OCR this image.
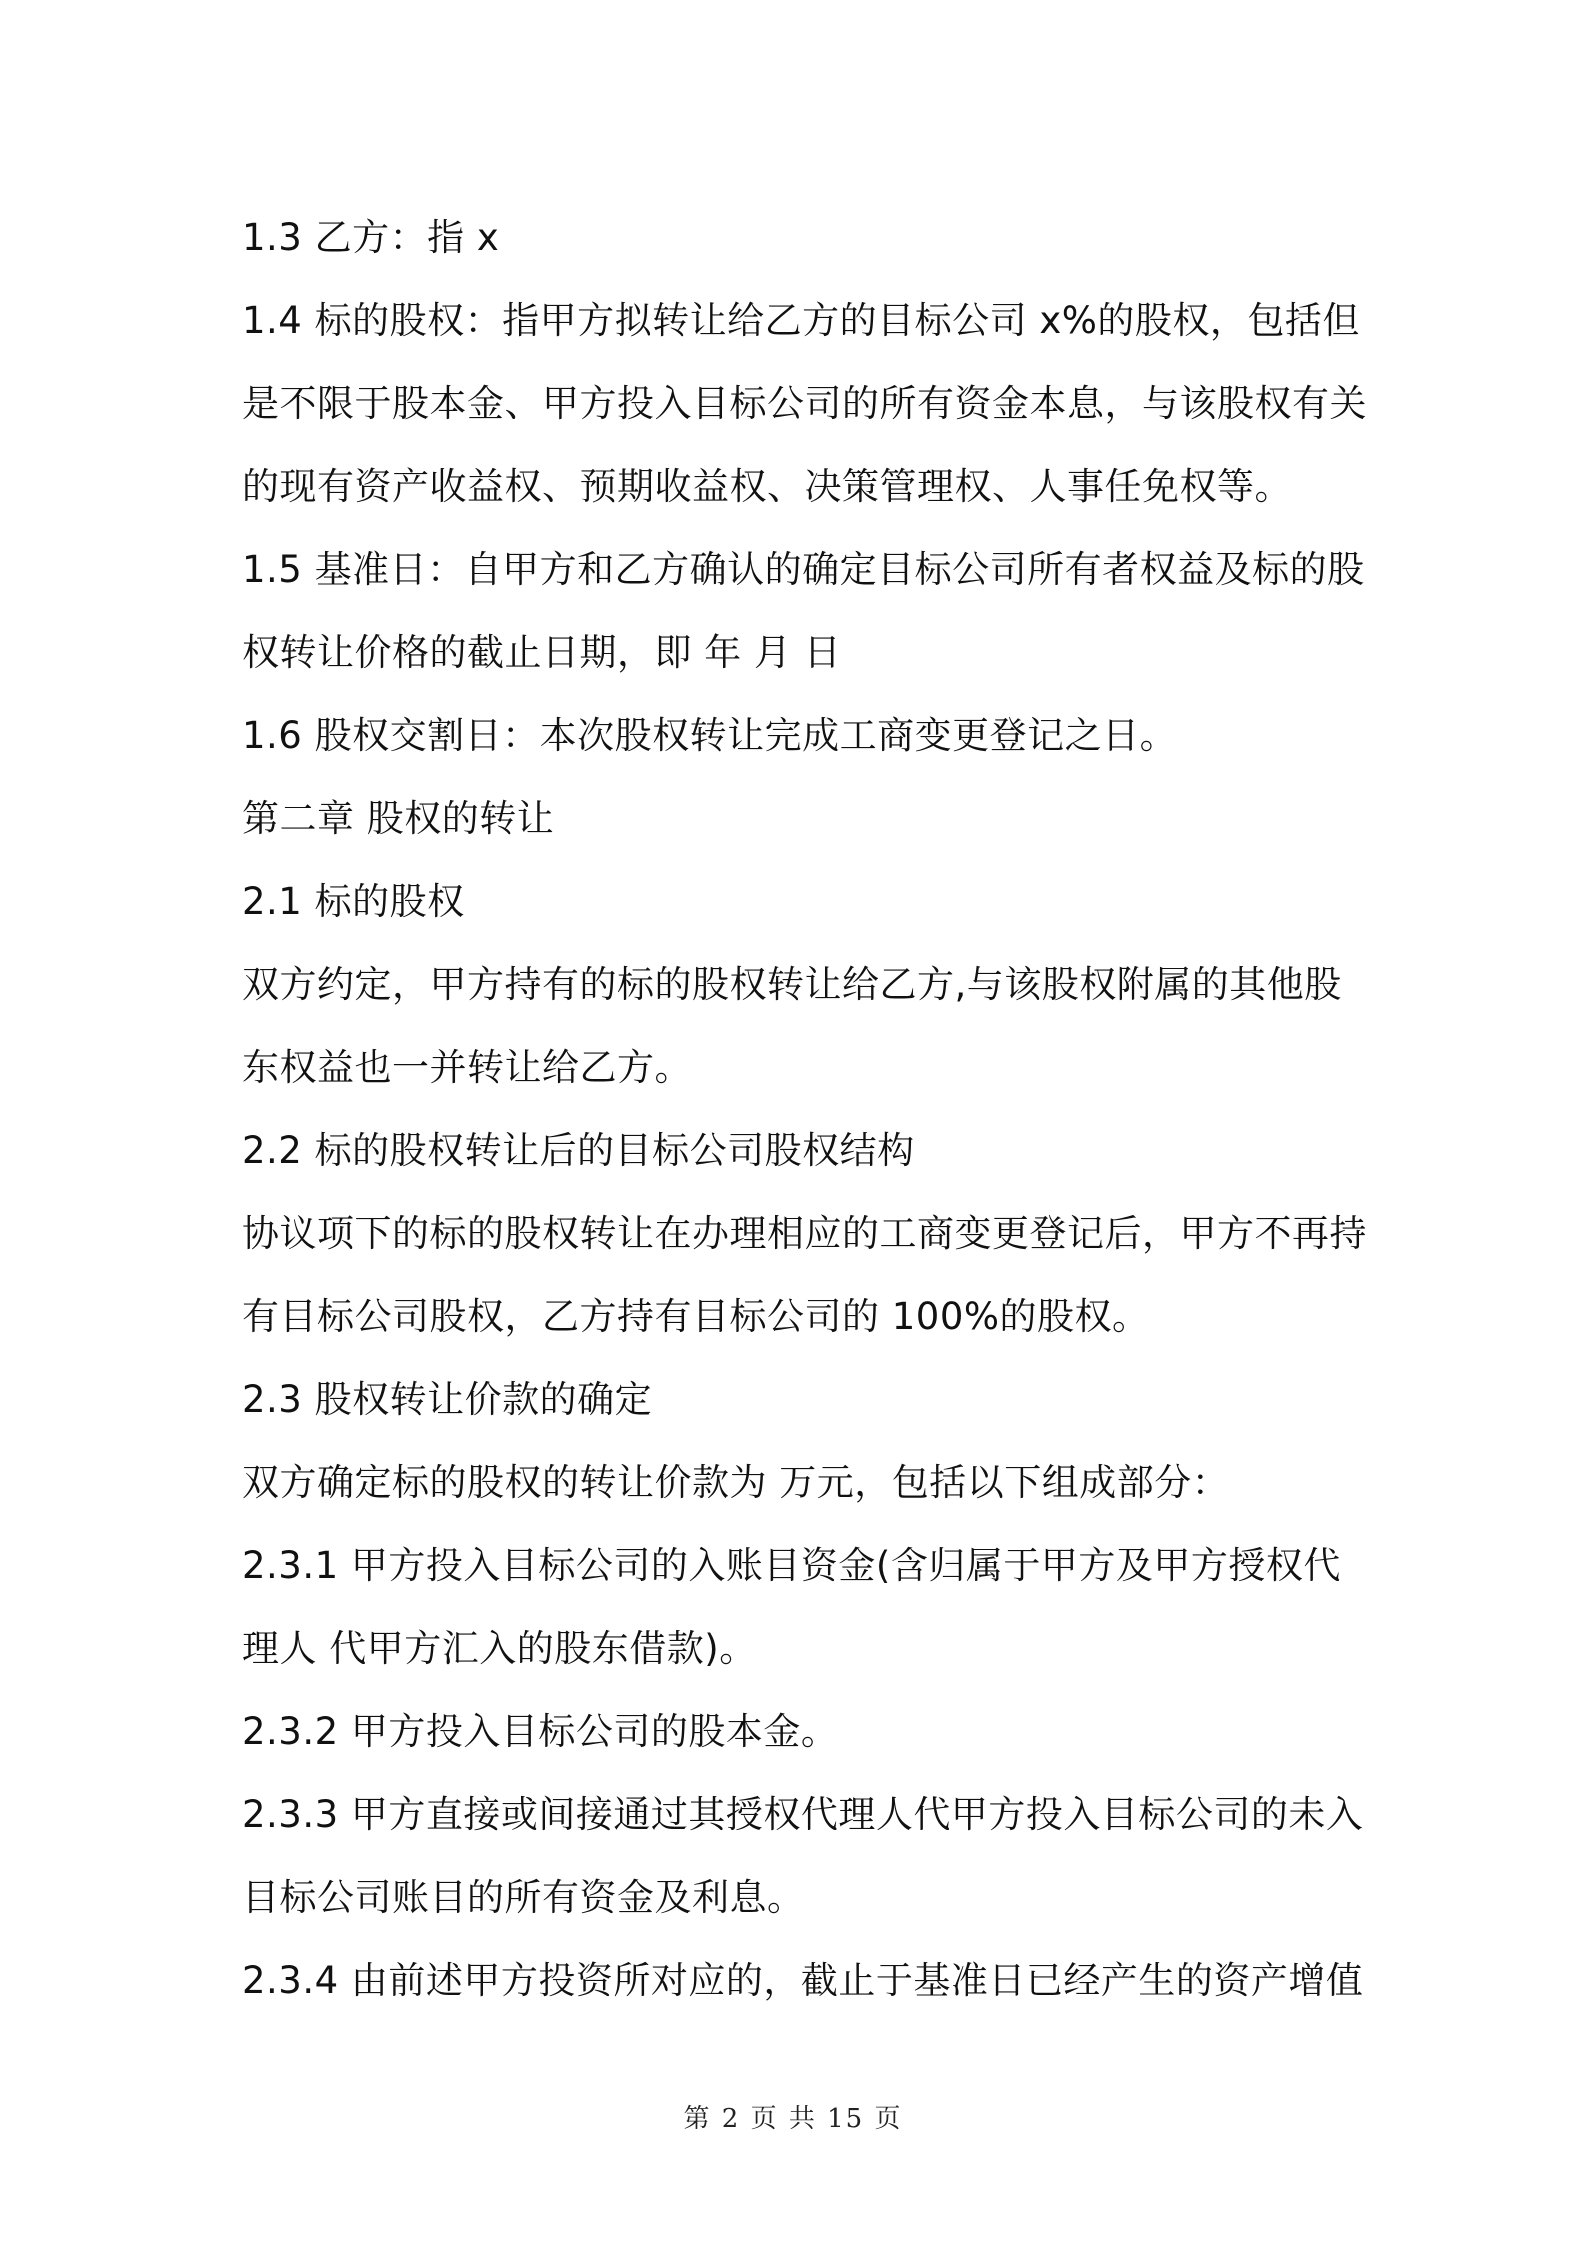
1.3 乙方：指 x
1.4 标的股权：指甲方拟转让给乙方的目标公司 x%的股权，包括但
是不限于股本金、甲方投入目标公司的所有资金本息，与该股权有关
的现有资产收益权、预期收益权、决策管理权、人事任免权等。
1.5 基准日：自甲方和乙方确认的确定目标公司所有者权益及标的股
权转让价格的截止日期，即 年 月 日
1.6 股权交割日：本次股权转让完成工商变更登记之日。
第二章 股权的转让
2.1 标的股权
双方约定，甲方持有的标的股权转让给乙方,与该股权附属的其他股
东权益也一并转让给乙方。
2.2 标的股权转让后的目标公司股权结构
协议项下的标的股权转让在办理相应的工商变更登记后，甲方不再持
有目标公司股权，乙方持有目标公司的 100%的股权。
2.3 股权转让价款的确定
双方确定标的股权的转让价款为 万元，包括以下组成部分：
2.3.1 甲方投入目标公司的入账目资金(含归属于甲方及甲方授权代
理人 代甲方汇入的股东借款)。
2.3.2 甲方投入目标公司的股本金。
2.3.3 甲方直接或间接通过其授权代理人代甲方投入目标公司的未入
目标公司账目的所有资金及利息。
2.3.4 由前述甲方投资所对应的，截止于基准日已经产生的资产增值
第 2 页 共 15 页
